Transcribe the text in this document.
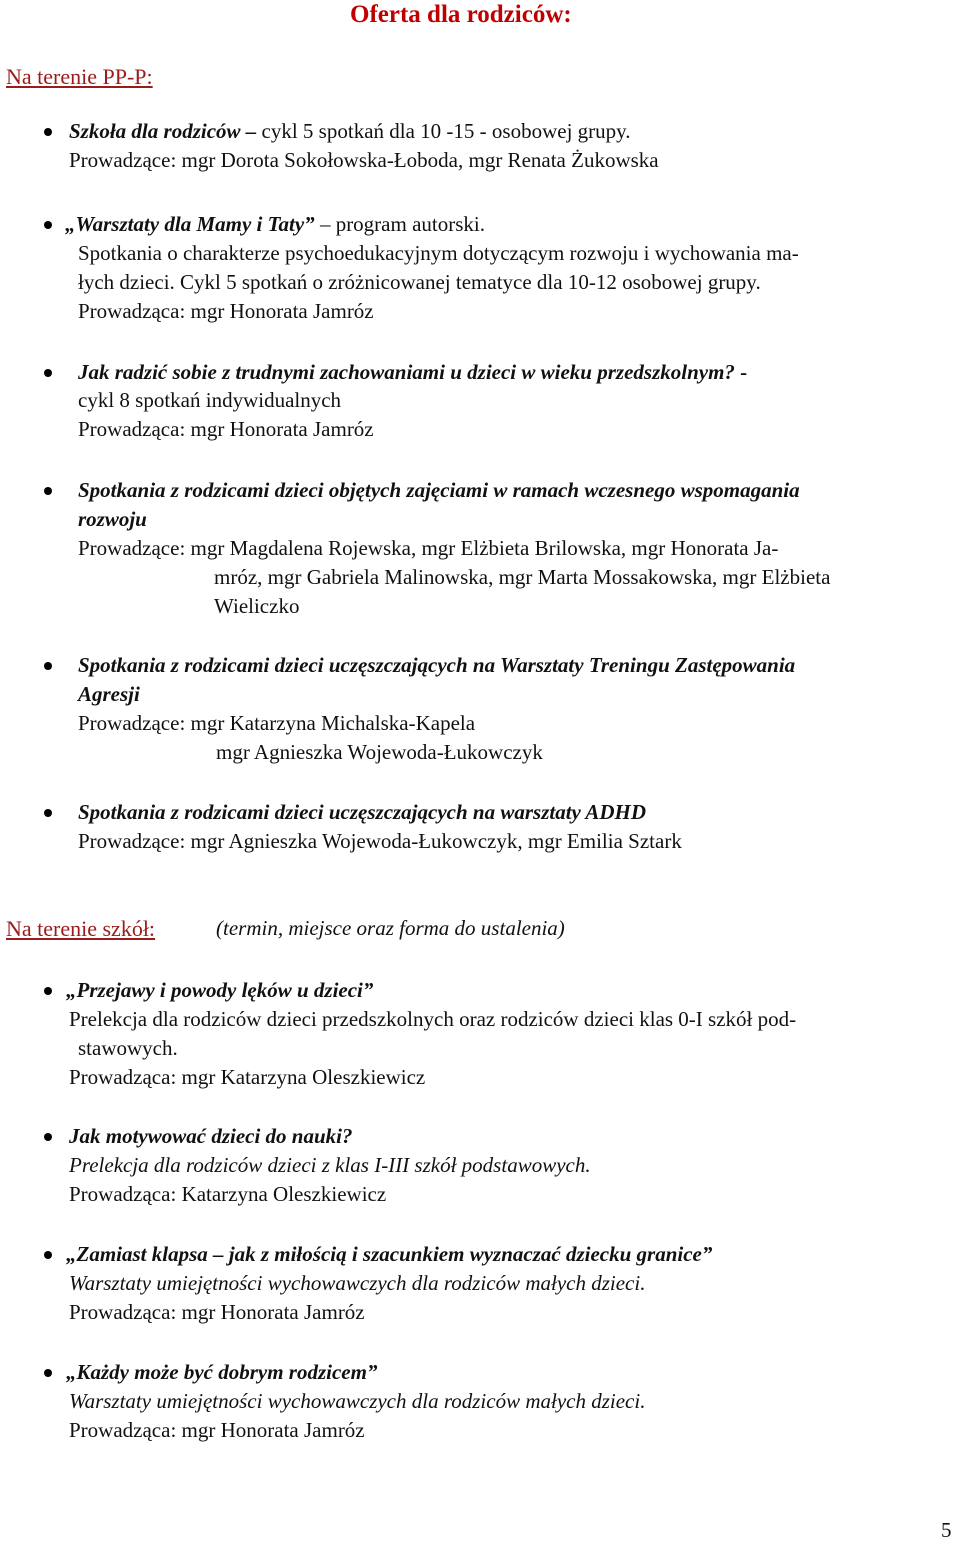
Oferta dla rodziców:
Na terenie PP-P:
Szkoła dla rodziców – cykl 5 spotkań dla 10 -15 - osobowej grupy.
Prowadzące: mgr Dorota Sokołowska-Łoboda, mgr Renata Żukowska
„Warsztaty dla Mamy i Taty” – program autorski.
Spotkania o charakterze psychoedukacyjnym dotyczącym rozwoju i wychowania ma-
łych dzieci. Cykl 5 spotkań o zróżnicowanej tematyce dla 10-12 osobowej grupy.
Prowadząca: mgr Honorata Jamróz
Jak radzić sobie z trudnymi zachowaniami u dzieci w wieku przedszkolnym? -
cykl 8 spotkań indywidualnych
Prowadząca: mgr Honorata Jamróz
Spotkania z rodzicami dzieci objętych zajęciami w ramach wczesnego wspomagania
rozwoju
Prowadzące: mgr Magdalena Rojewska, mgr Elżbieta Brilowska, mgr Honorata Ja-
mróz, mgr Gabriela Malinowska, mgr Marta Mossakowska, mgr Elżbieta
Wieliczko
Spotkania z rodzicami dzieci uczęszczających na Warsztaty Treningu Zastępowania
Agresji
Prowadzące: mgr Katarzyna Michalska-Kapela
mgr Agnieszka Wojewoda-Łukowczyk
Spotkania z rodzicami dzieci uczęszczających na warsztaty ADHD
Prowadzące: mgr Agnieszka Wojewoda-Łukowczyk, mgr Emilia Sztark
Na terenie szkół:	(termin, miejsce oraz forma do ustalenia)
„Przejawy i powody lęków u dzieci”
Prelekcja dla rodziców dzieci przedszkolnych oraz rodziców dzieci klas 0-I szkół pod-
stawowych.
Prowadząca: mgr Katarzyna Oleszkiewicz
Jak motywować dzieci do nauki?
Prelekcja dla rodziców dzieci z klas I-III szkół podstawowych.
Prowadząca: Katarzyna Oleszkiewicz
„Zamiast klapsa – jak z miłością i szacunkiem wyznaczać dziecku granice”
Warsztaty umiejętności wychowawczych dla rodziców małych dzieci.
Prowadząca: mgr Honorata Jamróz
„Każdy może być dobrym rodzicem”
Warsztaty umiejętności wychowawczych dla rodziców małych dzieci.
Prowadząca: mgr Honorata Jamróz
5
